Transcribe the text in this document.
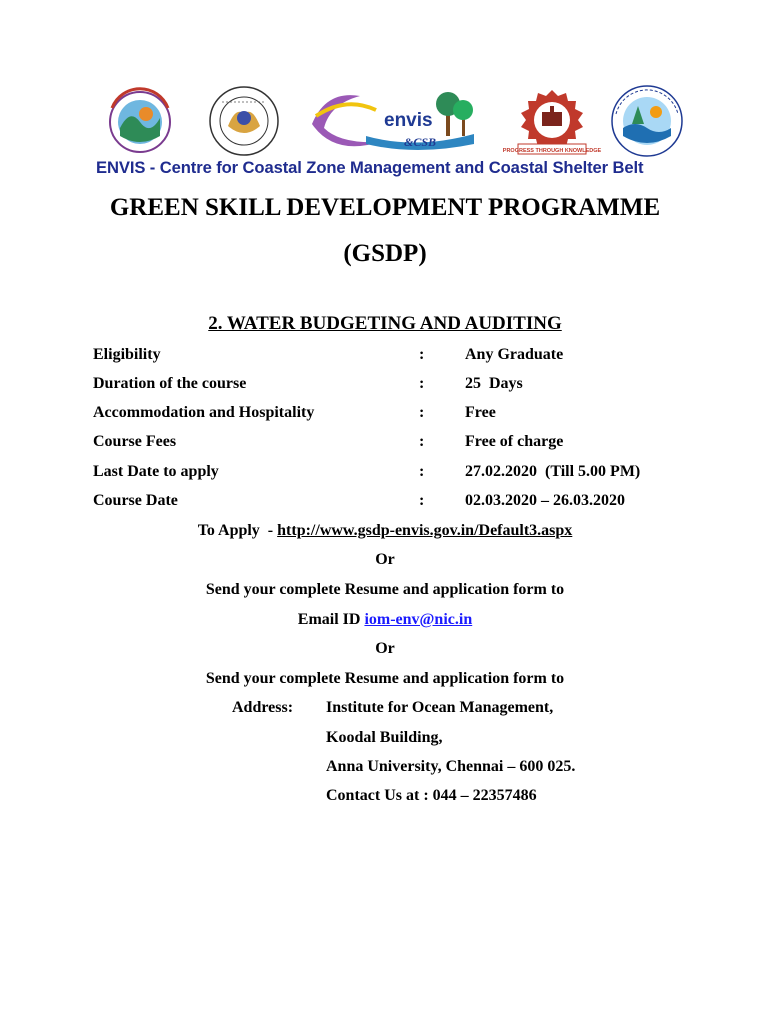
envis
&CSB
PROGRESS THROUGH KNOWLEDGE
ENVIS - Centre for Coastal Zone Management and Coastal Shelter Belt
GREEN SKILL DEVELOPMENT PROGRAMME
(GSDP)
2. WATER BUDGETING AND AUDITING
Eligibility	:	Any Graduate
Duration of the course	:	25  Days
Accommodation and Hospitality	:	Free
Course Fees	:	Free of charge
Last Date to apply	:	27.02.2020  (Till 5.00 PM)
Course Date	:	02.03.2020 – 26.03.2020
To Apply  - http://www.gsdp-envis.gov.in/Default3.aspx
Or
Send your complete Resume and application form to
Email ID iom-env@nic.in
Or
Send your complete Resume and application form to
Address: Institute for Ocean Management,
Koodal Building,
Anna University, Chennai – 600 025.
Contact Us at : 044 – 22357486
